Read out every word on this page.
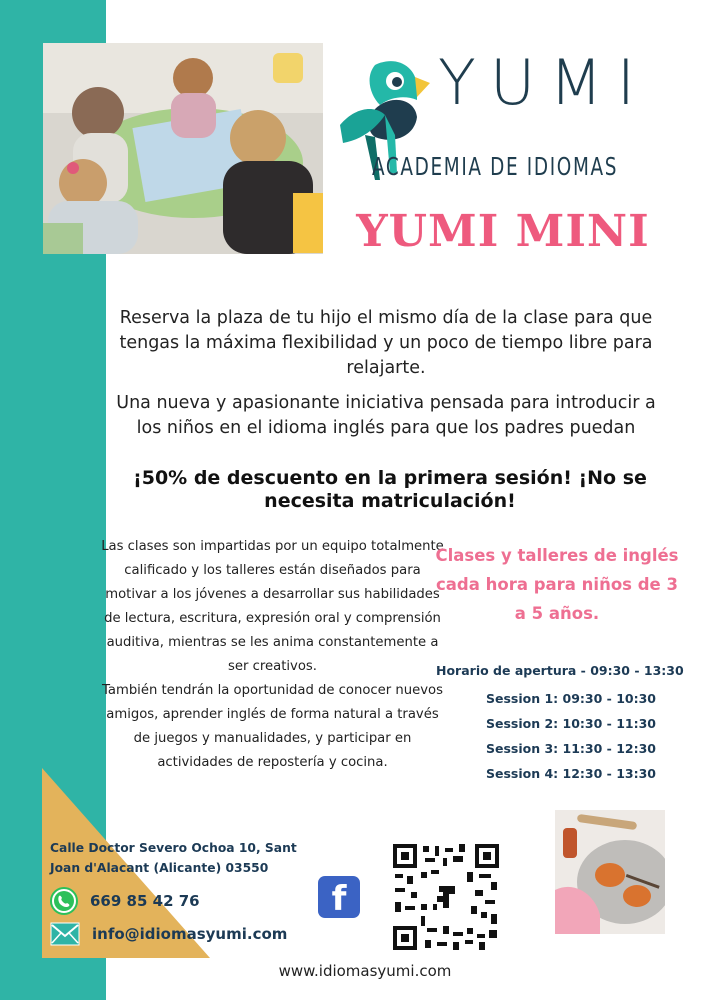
YUMI
ACADEMIA DE IDIOMAS
YUMI MINI
Reserva la plaza de tu hijo el mismo día de la clase para que tengas la máxima flexibilidad y un poco de tiempo libre para relajarte.
Una nueva y apasionante iniciativa pensada para introducir a los niños en el idioma inglés para que los padres puedan
¡50% de descuento en la primera sesión! ¡No se necesita matriculación!
Las clases son impartidas por un equipo totalmente calificado y los talleres están diseñados para motivar a los jóvenes a desarrollar sus habilidades de lectura, escritura, expresión oral y comprensión auditiva, mientras se les anima constantemente a ser creativos.
También tendrán la oportunidad de conocer nuevos amigos, aprender inglés de forma natural a través de juegos y manualidades, y participar en actividades de repostería y cocina.
Clases y talleres de inglés cada hora para niños de 3 a 5 años.
Horario de apertura - 09:30 - 13:30
Session 1: 09:30 - 10:30
Session 2: 10:30 - 11:30
Session 3: 11:30 - 12:30
Session 4: 12:30 - 13:30
Calle Doctor Severo Ochoa 10, Sant Joan d'Alacant (Alicante) 03550
669 85 42 76
info@idiomasyumi.com
f
www.idiomasyumi.com
